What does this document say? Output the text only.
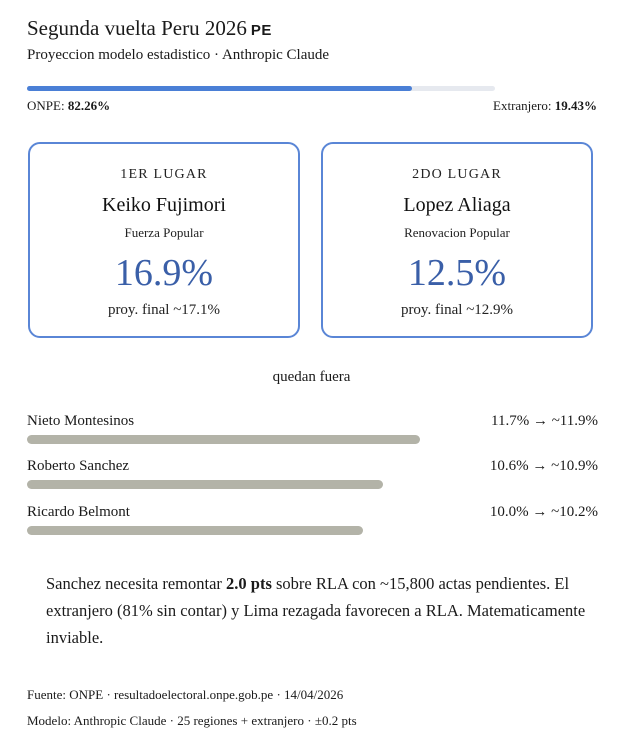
Segunda vuelta Peru 2026 PE
Proyeccion modelo estadistico · Anthropic Claude
ONPE: 82.26%	Extranjero: 19.43%
1ER LUGAR
Keiko Fujimori
Fuerza Popular
16.9%
proy. final ~17.1%
2DO LUGAR
Lopez Aliaga
Renovacion Popular
12.5%
proy. final ~12.9%
quedan fuera
Nieto Montesinos	11.7% → ~11.9%
Roberto Sanchez	10.6% → ~10.9%
Ricardo Belmont	10.0% → ~10.2%
Sanchez necesita remontar 2.0 pts sobre RLA con ~15,800 actas pendientes. El extranjero (81% sin contar) y Lima rezagada favorecen a RLA. Matematicamente inviable.
Fuente: ONPE · resultadoelectoral.onpe.gob.pe · 14/04/2026
Modelo: Anthropic Claude · 25 regiones + extranjero · ±0.2 pts
